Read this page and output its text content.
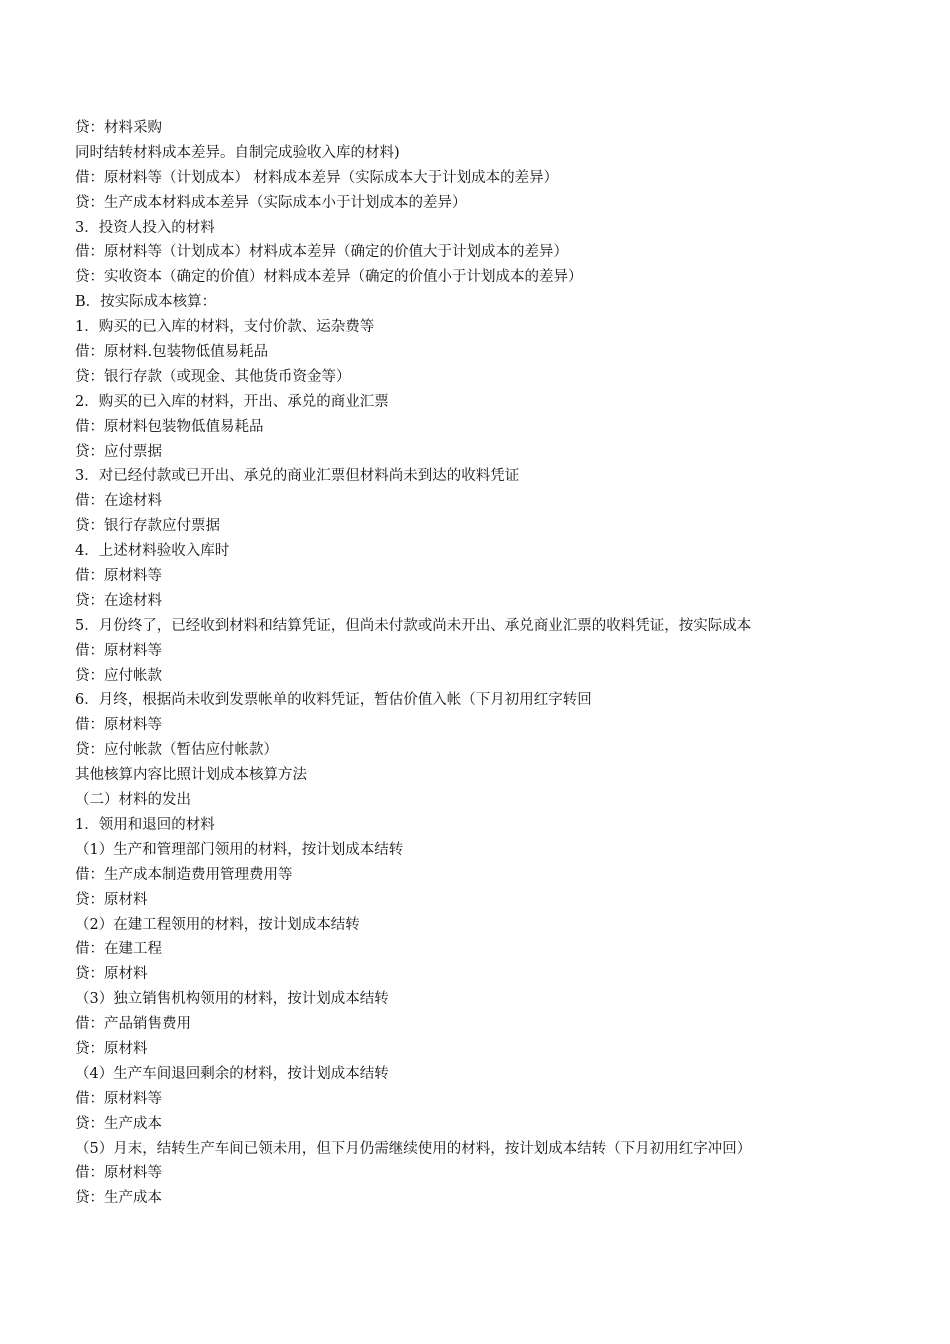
贷：材料采购
同时结转材料成本差异。自制完成验收入库的材料)
借：原材料等（计划成本） 材料成本差异（实际成本大于计划成本的差异）
贷：生产成本材料成本差异（实际成本小于计划成本的差异）
3．投资人投入的材料
借：原材料等（计划成本）材料成本差异（确定的价值大于计划成本的差异）
贷：实收资本（确定的价值）材料成本差异（确定的价值小于计划成本的差异）
B．按实际成本核算：
1．购买的已入库的材料，支付价款、运杂费等
借：原材料.包装物低值易耗品
贷：银行存款（或现金、其他货币资金等）
2．购买的已入库的材料，开出、承兑的商业汇票
借：原材料包装物低值易耗品
贷：应付票据
3．对已经付款或已开出、承兑的商业汇票但材料尚未到达的收料凭证
借：在途材料
贷：银行存款应付票据
4．上述材料验收入库时
借：原材料等
贷：在途材料
5．月份终了，已经收到材料和结算凭证，但尚未付款或尚未开出、承兑商业汇票的收料凭证，按实际成本
借：原材料等
贷：应付帐款
6．月终，根据尚未收到发票帐单的收料凭证，暂估价值入帐（下月初用红字转回
借：原材料等
贷：应付帐款（暂估应付帐款）
其他核算内容比照计划成本核算方法
（二）材料的发出
1．领用和退回的材料
（1）生产和管理部门领用的材料，按计划成本结转
借：生产成本制造费用管理费用等
贷：原材料
（2）在建工程领用的材料，按计划成本结转
借：在建工程
贷：原材料
（3）独立销售机构领用的材料，按计划成本结转
借：产品销售费用
贷：原材料
（4）生产车间退回剩余的材料，按计划成本结转
借：原材料等
贷：生产成本
（5）月末，结转生产车间已领未用，但下月仍需继续使用的材料，按计划成本结转（下月初用红字冲回）
借：原材料等
贷：生产成本
